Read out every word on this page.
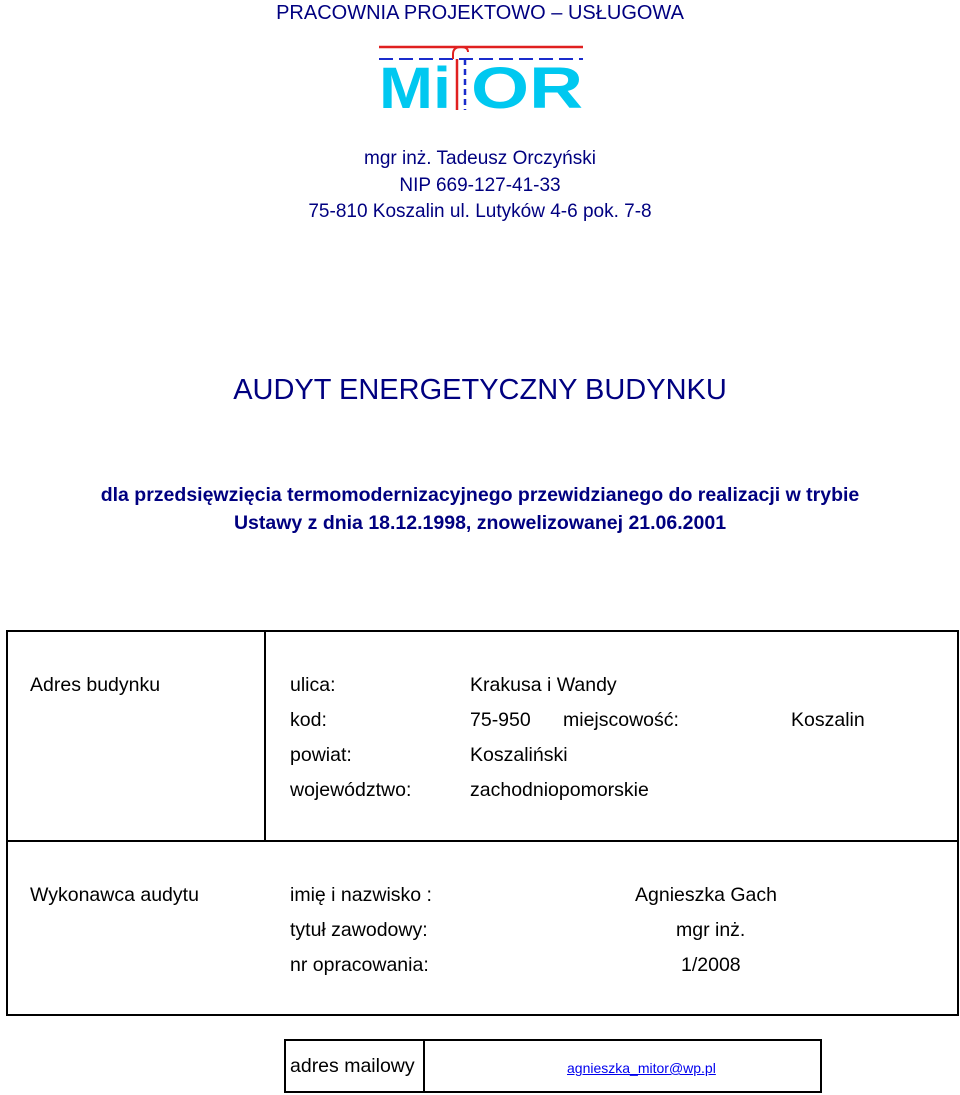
PRACOWNIA PROJEKTOWO – USŁUGOWA
Mi OR
mgr inż. Tadeusz Orczyński
NIP 669-127-41-33
75-810 Koszalin ul. Lutyków 4-6 pok. 7-8
AUDYT ENERGETYCZNY BUDYNKU
dla przedsięwzięcia termomodernizacyjnego przewidzianego do realizacji w trybie
Ustawy z dnia 18.12.1998, znowelizowanej 21.06.2001
Adres budynku	ulica:	Krakusa i Wandy
kod:	75-950 miejscowość:	Koszalin
powiat:	Koszaliński
województwo:	zachodniopomorskie
Wykonawca audytu	imię i nazwisko :	Agnieszka Gach
tytuł zawodowy:	mgr inż.
nr opracowania:	1/2008
adres mailowy	agnieszka_mitor@wp.pl
